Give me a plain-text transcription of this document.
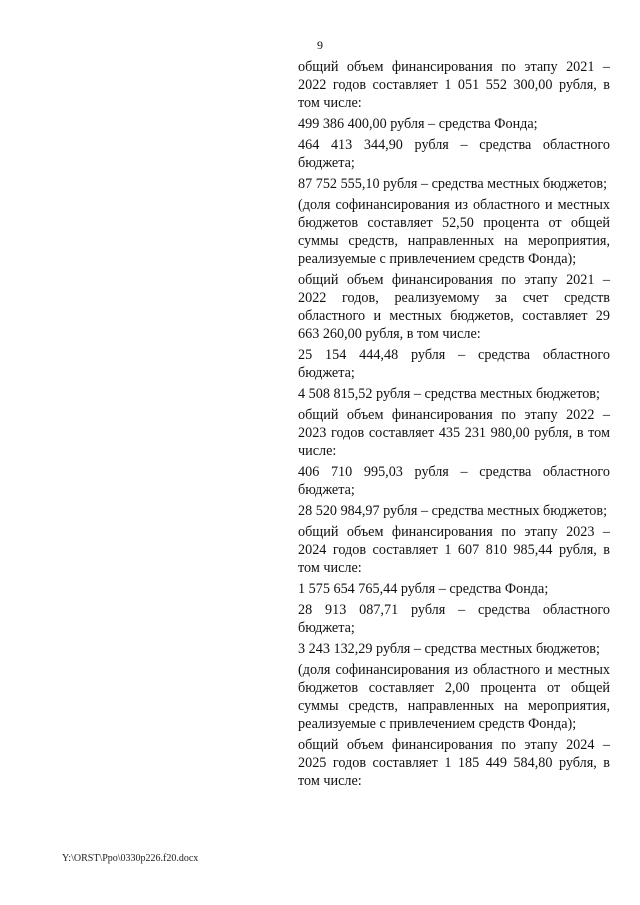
9

общий объем финансирования по этапу 2021 – 2022 годов составляет 1 051 552 300,00 рубля, в том числе:

499 386 400,00 рубля – средства Фонда;

464 413 344,90 рубля – средства областного бюджета;

87 752 555,10 рубля – средства местных бюджетов;

(доля софинансирования из областного и местных бюджетов составляет 52,50 процента от общей суммы средств, направленных на мероприятия, реализуемые с привлечением средств Фонда);

общий объем финансирования по этапу 2021 – 2022 годов, реализуемому за счет средств областного и местных бюджетов, составляет 29 663 260,00 рубля, в том числе:

25 154 444,48 рубля – средства областного бюджета;

4 508 815,52 рубля – средства местных бюджетов;

общий объем финансирования по этапу 2022 – 2023 годов составляет 435 231 980,00 рубля, в том числе:

406 710 995,03 рубля – средства областного бюджета;

28 520 984,97 рубля – средства местных бюджетов;

общий объем финансирования по этапу 2023 – 2024 годов составляет 1 607 810 985,44 рубля, в том числе:

1 575 654 765,44 рубля – средства Фонда;

28 913 087,71 рубля – средства областного бюджета;

3 243 132,29 рубля – средства местных бюджетов;

(доля софинансирования из областного и местных бюджетов составляет 2,00 процента от общей суммы средств, направленных на мероприятия, реализуемые с привлечением средств Фонда);

общий объем финансирования по этапу 2024 – 2025 годов составляет 1 185 449 584,80 рубля, в том числе:

Y:\ORST\Ppo\0330p226.f20.docx
